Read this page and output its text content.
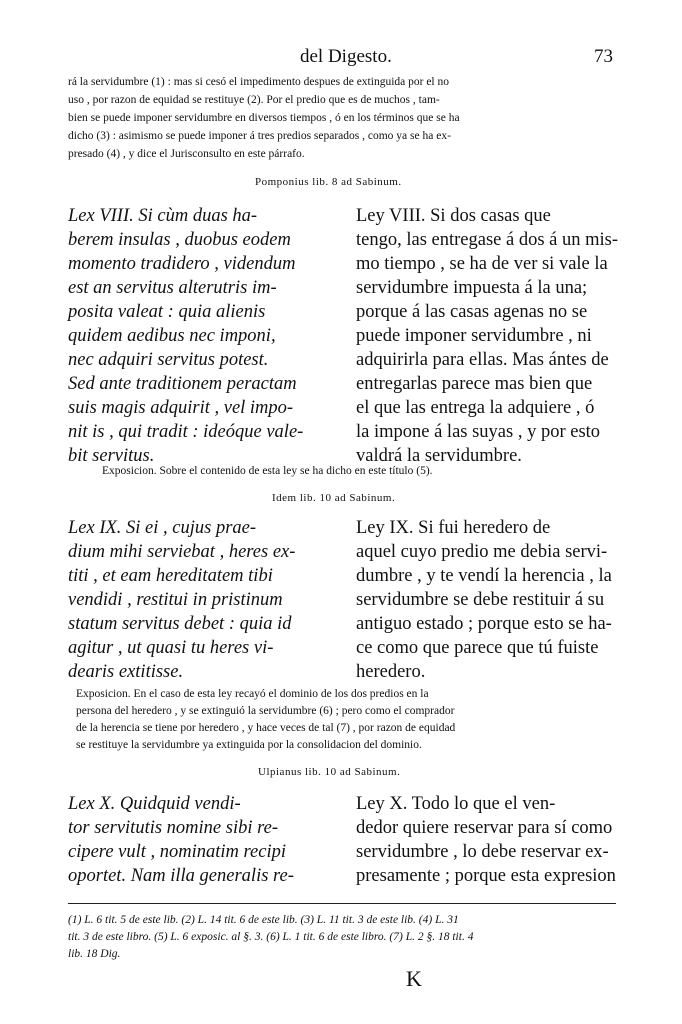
del Digesto.	73
rá la servidumbre (1) : mas si cesó el impedimento despues de extinguida por el no
uso , por razon de equidad se restituye (2). Por el predio que es de muchos , tam-
bien se puede imponer servidumbre en diversos tiempos , ó en los términos que se ha
dicho (3) : asimismo se puede imponer á tres predios separados , como ya se ha ex-
presado (4) , y dice el Jurisconsulto en este párrafo.
Pomponius lib. 8 ad Sabinum.
Lex VIII. Si cùm duas ha-
berem insulas , duobus eodem
momento tradidero , videndum
est an servitus alterutris im-
posita valeat : quia alienis
quidem aedibus nec imponi,
nec adquiri servitus potest.
Sed ante traditionem peractam
suis magis adquirit , vel impo-
nit is , qui tradit : ideóque vale-
bit servitus.
Ley VIII. Si dos casas que
tengo, las entregase á dos á un mis-
mo tiempo , se ha de ver si vale la
servidumbre impuesta á la una;
porque á las casas agenas no se
puede imponer servidumbre , ni
adquirirla para ellas. Mas ántes de
entregarlas parece mas bien que
el que las entrega la adquiere , ó
la impone á las suyas , y por esto
valdrá la servidumbre.
Exposicion. Sobre el contenido de esta ley se ha dicho en este título (5).
Idem lib. 10 ad Sabinum.
Lex IX. Si ei , cujus prae-
dium mihi serviebat , heres ex-
titi , et eam hereditatem tibi
vendidi , restitui in pristinum
statum servitus debet : quia id
agitur , ut quasi tu heres vi-
dearis extitisse.
Ley IX. Si fui heredero de
aquel cuyo predio me debia servi-
dumbre , y te vendí la herencia , la
servidumbre se debe restituir á su
antiguo estado ; porque esto se ha-
ce como que parece que tú fuiste
heredero.
Exposicion. En el caso de esta ley recayó el dominio de los dos predios en la
persona del heredero , y se extinguió la servidumbre (6) ; pero como el comprador
de la herencia se tiene por heredero , y hace veces de tal (7) , por razon de equidad
se restituye la servidumbre ya extinguida por la consolidacion del dominio.
Ulpianus lib. 10 ad Sabinum.
Lex X. Quidquid vendi-
tor servitutis nomine sibi re-
cipere vult , nominatim recipi
oportet. Nam illa generalis re-
Ley X. Todo lo que el ven-
dedor quiere reservar para sí como
servidumbre , lo debe reservar ex-
presamente ; porque esta expresion
(1) L. 6 tit. 5 de este lib. (2) L. 14 tit. 6 de este lib. (3) L. 11 tit. 3 de este lib. (4) L. 31
tit. 3 de este libro. (5) L. 6 exposic. al §. 3. (6) L. 1 tit. 6 de este libro. (7) L. 2 §. 18 tit. 4
lib. 18 Dig.
K
